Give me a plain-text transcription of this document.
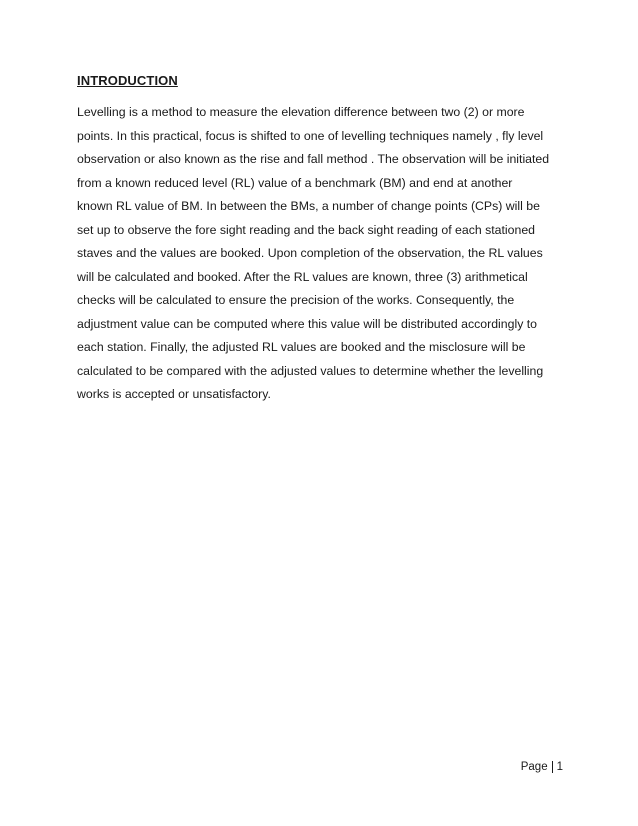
INTRODUCTION
Levelling is a method to measure the elevation difference between two (2) or more
points. In this practical, focus is shifted to one of levelling techniques namely , fly level
observation or also known as the rise and fall method . The observation will be initiated
from a known reduced level (RL) value of a benchmark (BM) and end at another
known RL value of BM. In between the BMs, a number of change points (CPs) will be
set up to observe the fore sight reading and the back sight reading of each stationed
staves and the values are booked. Upon completion of the observation, the RL values
will be calculated and booked. After the RL values are known, three (3) arithmetical
checks will be calculated to ensure the precision of the works. Consequently, the
adjustment value can be computed where this value will be distributed accordingly to
each station. Finally, the adjusted RL values are booked and the misclosure will be
calculated to be compared with the adjusted values to determine whether the levelling
works is accepted or unsatisfactory.
Page 1
